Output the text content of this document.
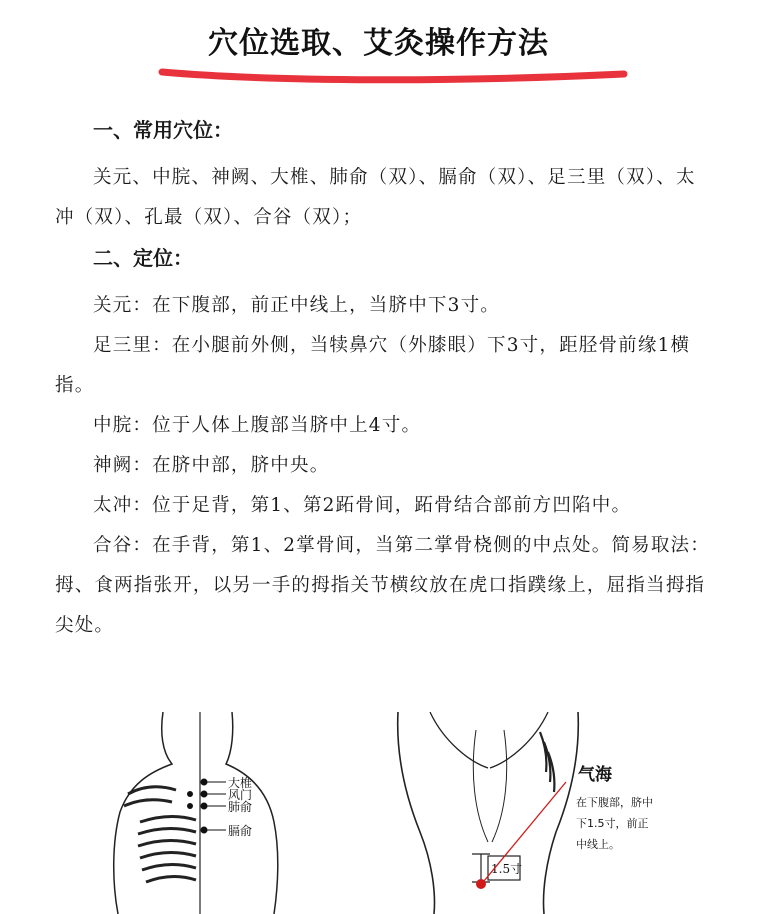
穴位选取、艾灸操作方法
一、常用穴位：

关元、中脘、神阙、大椎、肺俞（双）、膈俞（双）、足三里（双）、太冲（双）、孔最（双）、合谷（双）；

二、定位：

关元：在下腹部，前正中线上，当脐中下3寸。

足三里：在小腿前外侧，当犊鼻穴（外膝眼）下3寸，距胫骨前缘1横指。

中脘：位于人体上腹部当脐中上4寸。

神阙：在脐中部，脐中央。

太冲：位于足背，第1、第2跖骨间，跖骨结合部前方凹陷中。

合谷：在手背，第1、2掌骨间，当第二掌骨桡侧的中点处。简易取法：拇、食两指张开，以另一手的拇指关节横纹放在虎口指蹼缘上，屈指当拇指尖处。

大椎
风门
肺俞
膈俞
1.5寸
气海
在下腹部，脐中
下1.5寸，前正
中线上。
